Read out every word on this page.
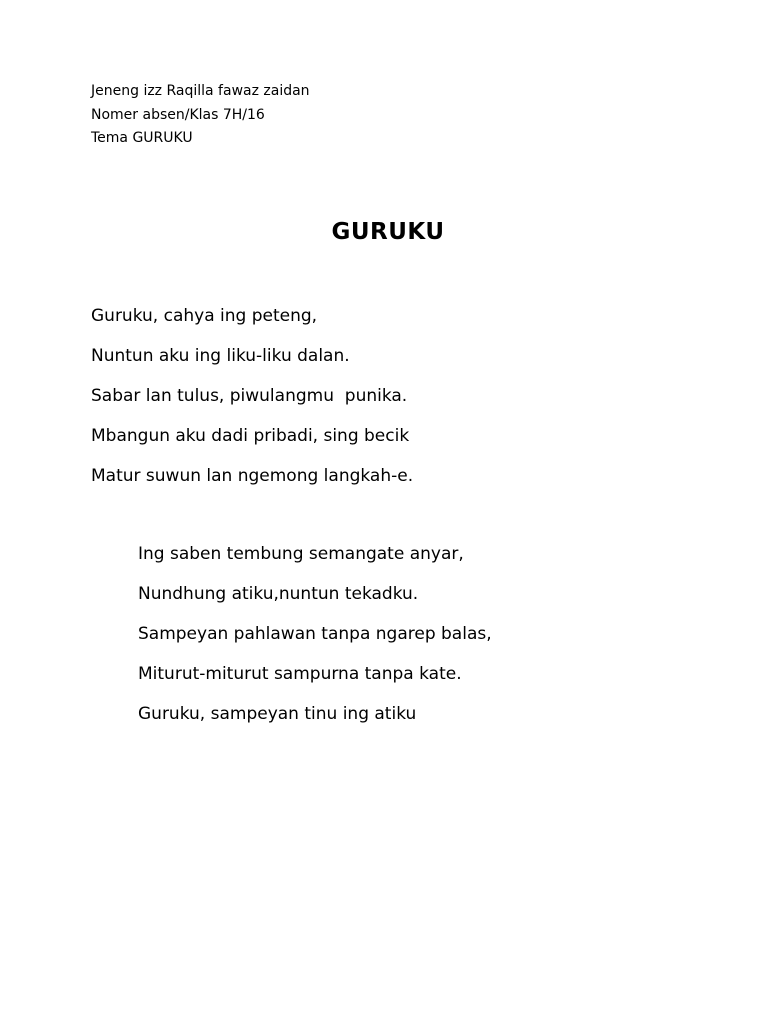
Jeneng izz Raqilla fawaz zaidan
Nomer absen/Klas 7H/16
Tema GURUKU
GURUKU
Guruku, cahya ing peteng,
Nuntun aku ing liku-liku dalan.
Sabar lan tulus, piwulangmu  punika.
Mbangun aku dadi pribadi, sing becik
Matur suwun lan ngemong langkah-e.
Ing saben tembung semangate anyar,
Nundhung atiku,nuntun tekadku.
Sampeyan pahlawan tanpa ngarep balas,
Miturut-miturut sampurna tanpa kate.
Guruku, sampeyan tinu ing atiku
